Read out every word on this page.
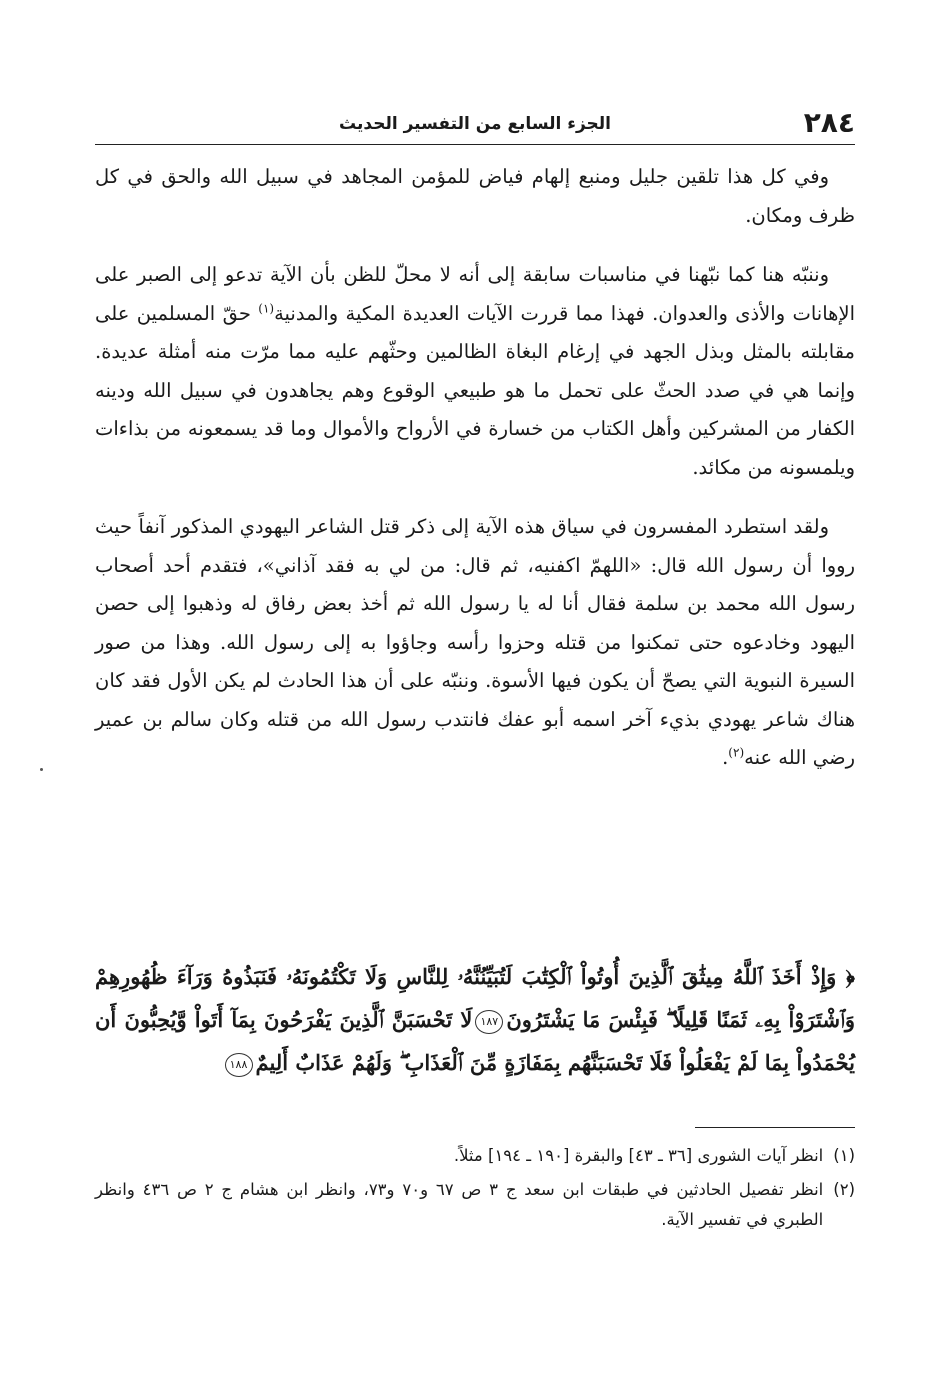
٢٨٤
الجزء السابع من التفسير الحديث

وفي كل هذا تلقين جليل ومنبع إلهام فياض للمؤمن المجاهد في سبيل الله والحق في كل ظرف ومكان.

وننبّه هنا كما نبّهنا في مناسبات سابقة إلى أنه لا محلّ للظن بأن الآية تدعو إلى الصبر على الإهانات والأذى والعدوان. فهذا مما قررت الآيات العديدة المكية والمدنية$^{(١)}$ حقّ المسلمين على مقابلته بالمثل وبذل الجهد في إرغام البغاة الظالمين وحثّهم عليه مما مرّت منه أمثلة عديدة. وإنما هي في صدد الحثّ على تحمل ما هو طبيعي الوقوع وهم يجاهدون في سبيل الله ودينه الكفار من المشركين وأهل الكتاب من خسارة في الأرواح والأموال وما قد يسمعونه من بذاءات ويلمسونه من مكائد.

ولقد استطرد المفسرون في سياق هذه الآية إلى ذكر قتل الشاعر اليهودي المذكور آنفاً حيث رووا أن رسول الله قال: «اللهمّ اكفنيه، ثم قال: من لي به فقد آذاني»، فتقدم أحد أصحاب رسول الله محمد بن سلمة فقال أنا له يا رسول الله ثم أخذ بعض رفاق له وذهبوا إلى حصن اليهود وخادعوه حتى تمكنوا من قتله وحزوا رأسه وجاؤوا به إلى رسول الله. وهذا من صور السيرة النبوية التي يصحّ أن يكون فيها الأسوة. وننبّه على أن هذا الحادث لم يكن الأول فقد كان هناك شاعر يهودي بذيء آخر اسمه أبو عفك فانتدب رسول الله من قتله وكان سالم بن عمير رضي الله عنه$^{(٢)}$.

﴿ وَإِذْ أَخَذَ ٱللَّهُ مِيثَٰقَ ٱلَّذِينَ أُوتُواْ ٱلْكِتَٰبَ لَتُبَيِّنُنَّهُۥ لِلنَّاسِ وَلَا تَكْتُمُونَهُۥ فَنَبَذُوهُ وَرَآءَ ظُهُورِهِمْ وَٱشْتَرَوْاْ بِهِۦ ثَمَنًا قَلِيلًا ۖ فَبِئْسَ مَا يَشْتَرُونَ١٨٧لَا تَحْسَبَنَّ ٱلَّذِينَ يَفْرَحُونَ بِمَآ أَتَواْ وَّيُحِبُّونَ أَن يُحْمَدُواْ بِمَا لَمْ يَفْعَلُواْ فَلَا تَحْسَبَنَّهُم بِمَفَازَةٍ مِّنَ ٱلْعَذَابِ ۖ وَلَهُمْ عَذَابٌ أَلِيمٌ١٨٨
(١)
انظر آيات الشورى [٣٦ ـ ٤٣] والبقرة [١٩٠ ـ ١٩٤] مثلاً.
(٢)
انظر تفصيل الحادثين في طبقات ابن سعد ج ٣ ص ٦٧ و٧٠ و٧٣، وانظر ابن هشام ج ٢ ص ٤٣٦ وانظر الطبري في تفسير الآية.
